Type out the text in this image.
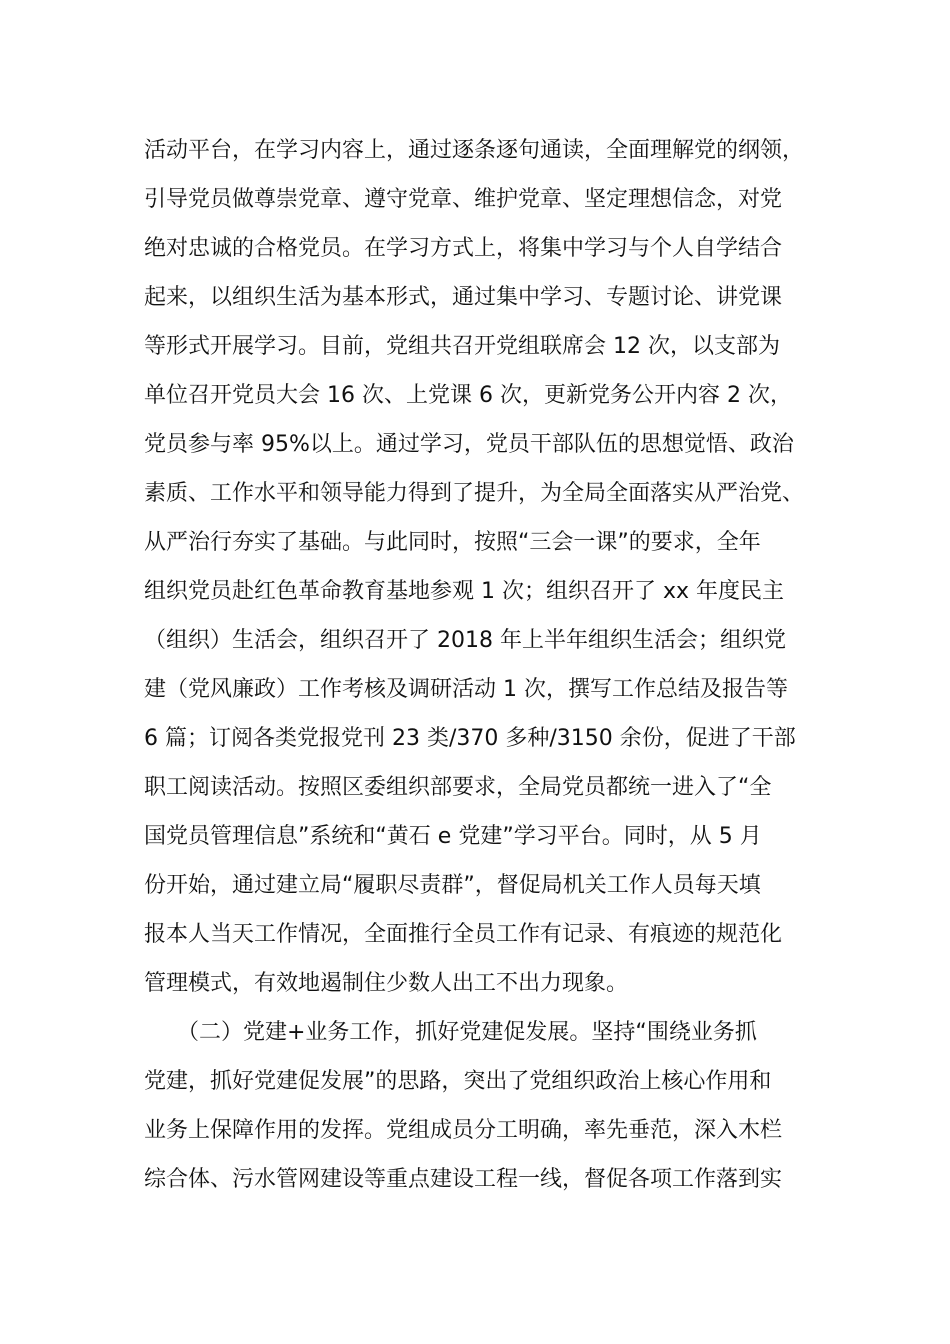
活动平台，在学习内容上，通过逐条逐句通读，全面理解党的纲领，
引导党员做尊崇党章、遵守党章、维护党章、坚定理想信念，对党
绝对忠诚的合格党员。在学习方式上，将集中学习与个人自学结合
起来，以组织生活为基本形式，通过集中学习、专题讨论、讲党课
等形式开展学习。目前，党组共召开党组联席会 12 次，以支部为
单位召开党员大会 16 次、上党课 6 次，更新党务公开内容 2 次，
党员参与率 95%以上。通过学习，党员干部队伍的思想觉悟、政治
素质、工作水平和领导能力得到了提升，为全局全面落实从严治党、
从严治行夯实了基础。与此同时，按照“三会一课”的要求，全年
组织党员赴红色革命教育基地参观 1 次；组织召开了 xx 年度民主
（组织）生活会，组织召开了 2018 年上半年组织生活会；组织党
建（党风廉政）工作考核及调研活动 1 次，撰写工作总结及报告等
6 篇；订阅各类党报党刊 23 类/370 多种/3150 余份，促进了干部
职工阅读活动。按照区委组织部要求，全局党员都统一进入了“全
国党员管理信息”系统和“黄石 e 党建”学习平台。同时，从 5 月
份开始，通过建立局“履职尽责群”，督促局机关工作人员每天填
报本人当天工作情况，全面推行全员工作有记录、有痕迹的规范化
管理模式，有效地遏制住少数人出工不出力现象。
　　（二）党建+业务工作，抓好党建促发展。坚持“围绕业务抓
党建，抓好党建促发展”的思路，突出了党组织政治上核心作用和
业务上保障作用的发挥。党组成员分工明确，率先垂范，深入木栏
综合体、污水管网建设等重点建设工程一线，督促各项工作落到实
